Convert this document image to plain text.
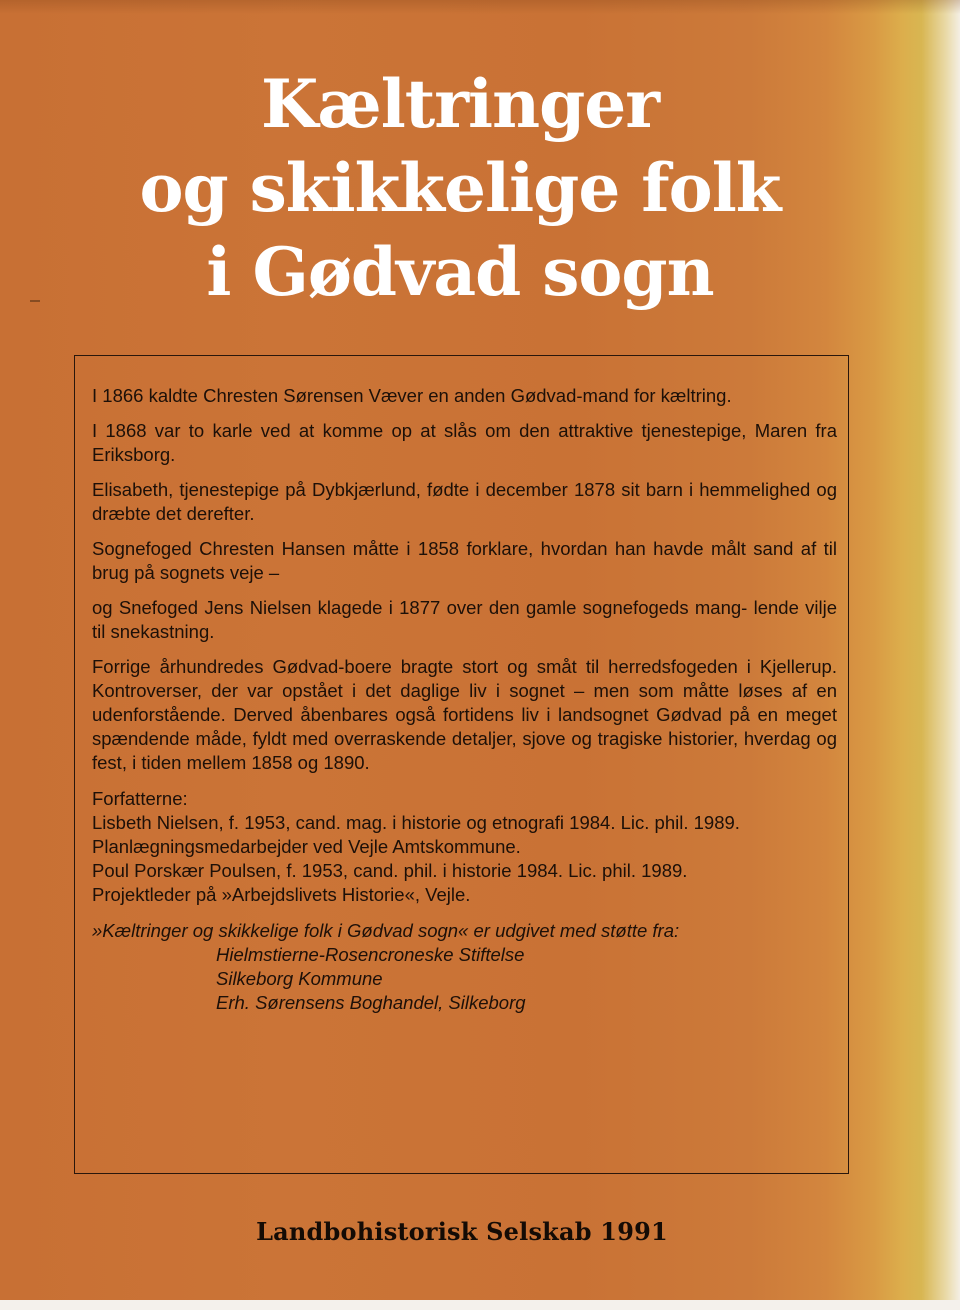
Kæltringer
og skikkelige folk
i Gødvad sogn

I 1866 kaldte Chresten Sørensen Væver en anden Gødvad-mand for kæltring.

I 1868 var to karle ved at komme op at slås om den attraktive tjenestepige, Maren fra Eriksborg.

Elisabeth, tjenestepige på Dybkjærlund, fødte i december 1878 sit barn i hemmelighed og dræbte det derefter.

Sognefoged Chresten Hansen måtte i 1858 forklare, hvordan han havde målt sand af til brug på sognets veje –

og Snefoged Jens Nielsen klagede i 1877 over den gamle sognefogeds mang- lende vilje til snekastning.

Forrige århundredes Gødvad-boere bragte stort og småt til herredsfogeden i Kjellerup. Kontroverser, der var opstået i det daglige liv i sognet – men som måtte løses af en udenforstående. Derved åbenbares også fortidens liv i landsognet Gødvad på en meget spændende måde, fyldt med overraskende detaljer, sjove og tragiske historier, hverdag og fest, i tiden mellem 1858 og 1890.

Forfatterne:

Lisbeth Nielsen, f. 1953, cand. mag. i historie og etnografi 1984. Lic. phil. 1989.

Planlægningsmedarbejder ved Vejle Amtskommune.

Poul Porskær Poulsen, f. 1953, cand. phil. i historie 1984. Lic. phil. 1989.

Projektleder på »Arbejdslivets Historie«, Vejle.

»Kæltringer og skikkelige folk i Gødvad sogn« er udgivet med støtte fra:

Hielmstierne-Rosencroneske Stiftelse

Silkeborg Kommune

Erh. Sørensens Boghandel, Silkeborg

Landbohistorisk Selskab 1991
